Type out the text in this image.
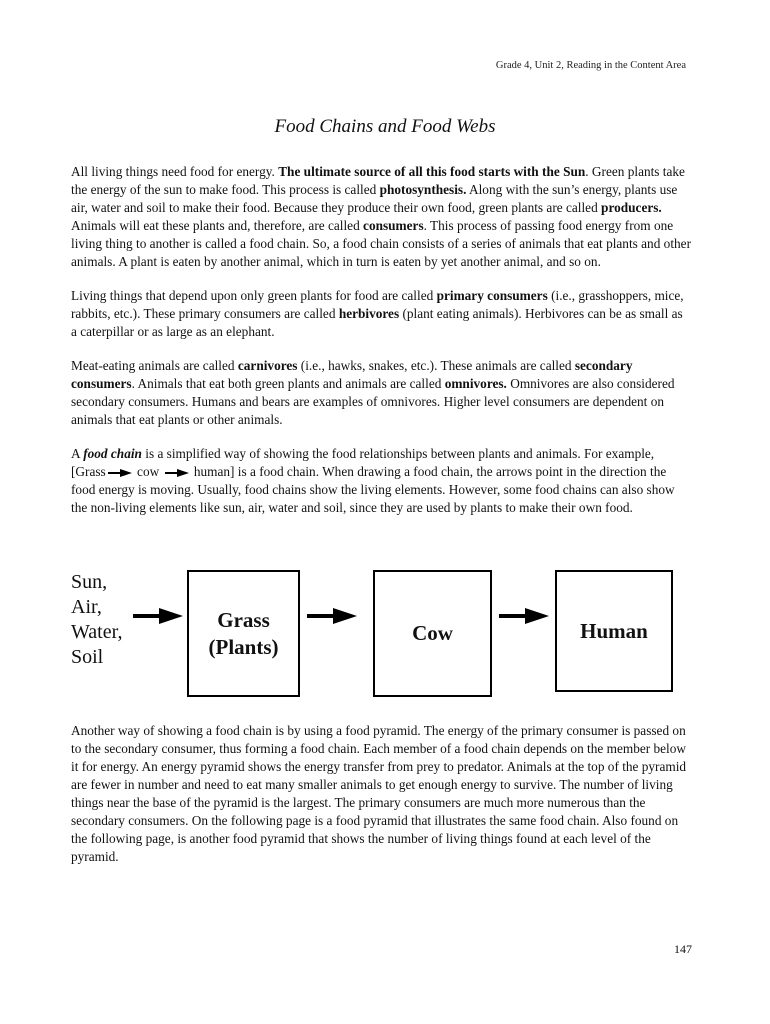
Grade 4, Unit 2, Reading in the Content Area
Food Chains and Food Webs

All living things need food for energy. The ultimate source of all this food starts with the Sun. Green plants take the energy of the sun to make food. This process is called photosynthesis. Along with the sun’s energy, plants use air, water and soil to make their food. Because they produce their own food, green plants are called producers. Animals will eat these plants and, therefore, are called consumers. This process of passing food energy from one living thing to another is called a food chain. So, a food chain consists of a series of animals that eat plants and other animals. A plant is eaten by another animal, which in turn is eaten by yet another animal, and so on.

Living things that depend upon only green plants for food are called primary consumers (i.e., grasshoppers, mice, rabbits, etc.). These primary consumers are called herbivores (plant eating animals). Herbivores can be as small as a caterpillar or as large as an elephant.

Meat-eating animals are called carnivores (i.e., hawks, snakes, etc.). These animals are called secondary consumers. Animals that eat both green plants and animals are called omnivores. Omnivores are also considered secondary consumers. Humans and bears are examples of omnivores. Higher level consumers are dependent on animals that eat plants or other animals.

A food chain is a simplified way of showing the food relationships between plants and animals. For example, [Grass cow  human] is a food chain. When drawing a food chain, the arrows point in the direction the food energy is moving. Usually, food chains show the living elements. However, some food chains can also show the non-living elements like sun, air, water and soil, since they are used by plants to make their own food.

Sun,
Air,
Water,
Soil
Grass
(Plants)
Cow	Human

Another way of showing a food chain is by using a food pyramid. The energy of the primary consumer is passed on to the secondary consumer, thus forming a food chain. Each member of a food chain depends on the member below it for energy. An energy pyramid shows the energy transfer from prey to predator. Animals at the top of the pyramid are fewer in number and need to eat many smaller animals to get enough energy to survive. The number of living things near the base of the pyramid is the largest. The primary consumers are much more numerous than the secondary consumers. On the following page is a food pyramid that illustrates the same food chain. Also found on the following page, is another food pyramid that shows the number of living things found at each level of the pyramid.

147
